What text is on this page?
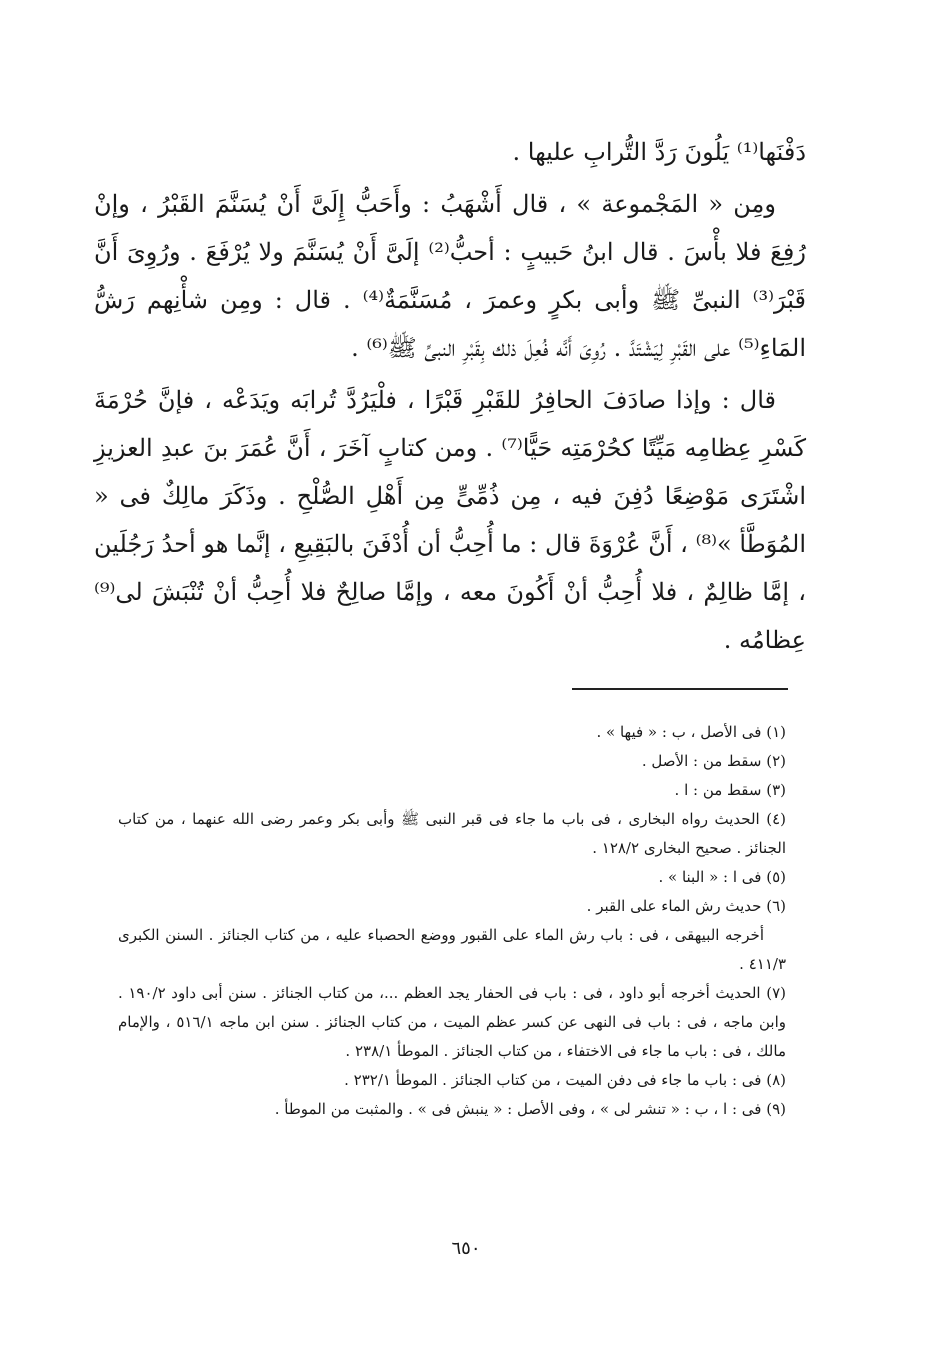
دَفْنَها⁽¹⁾ يَلُونَ رَدَّ التُّرابِ عليها .

ومِن « المَجْموعة » ، قال أَشْهَبُ : وأَحَبُّ إِلَىَّ أَنْ يُسَنَّمَ القَبْرُ ، وإنْ رُفِعَ فلا بأْسَ . قال ابنُ حَبيبٍ : أحبُّ⁽²⁾ إلَىَّ أَنْ يُسَنَّمَ ولا يُرْفَعَ . ورُوِىَ أَنَّ قَبْرَ⁽³⁾ النبىِّ ﷺ وأبى بكرٍ وعمرَ ، مُسَنَّمَةٌ⁽⁴⁾ . قال : ومِن شأْنِهم رَشُّ المَاءِ⁽⁵⁾ على القَبْرِ لِيَشْتَدَّ . رُوِىَ أَنَّه فُعِلَ ذلك بِقَبْرِ النبىِّ ﷺ⁽⁶⁾ .

قال : وإذا صادَفَ الحافِرُ للقَبْرِ قَبْرًا ، فلْيَرُدَّ تُرابَه ويَدَعْه ، فإنَّ حُرْمَةَ كَسْرِ عِظامِه مَيِّتًا كحُرْمَتِه حَيًّا⁽⁷⁾ . ومن كتابٍ آخَرَ ، أَنَّ عُمَرَ بنَ عبدِ العزيزِ اشْتَرَى مَوْضِعًا دُفِنَ فيه ، مِن ذُمِّىٍّ مِن أَهْلِ الصُّلْحِ . وذَكَرَ مالِكٌ فى « المُوَطَّأ »⁽⁸⁾ ، أَنَّ عُرْوَةَ قال : ما أُحِبُّ أن أُدْفَنَ بالبَقِيعِ ، إنَّما هو أحدُ رَجُلَين ، إمَّا ظالِمٌ ، فلا أُحِبُّ أنْ أَكُونَ معه ، وإمَّا صالِحٌ فلا أُحِبُّ أنْ تُنْبَشَ لى⁽⁹⁾ عِظامُه .

(١) فى الأصل ، ب : « فيها » .

(٢) سقط من : الأصل .

(٣) سقط من : ا .

(٤) الحديث رواه البخارى ، فى باب ما جاء فى قبر النبى ﷺ وأبى بكر وعمر رضى الله عنهما ، من كتاب الجنائز . صحيح البخارى ١٢٨/٢ .

(٥) فى ا : « البنا » .

(٦) حديث رش الماء على القبر .

أخرجه البيهقى ، فى : باب رش الماء على القبور ووضع الحصباء عليه ، من كتاب الجنائز . السنن الكبرى ٤١١/٣ .

(٧) الحديث أخرجه أبو داود ، فى : باب فى الحفار يجد العظم ...، من كتاب الجنائز . سنن أبى داود ١٩٠/٢ . وابن ماجه ، فى : باب فى النهى عن كسر عظم الميت ، من كتاب الجنائز . سنن ابن ماجه ٥١٦/١ ، والإمام مالك ، فى : باب ما جاء فى الاختفاء ، من كتاب الجنائز . الموطأ ٢٣٨/١ .

(٨) فى : باب ما جاء فى دفن الميت ، من كتاب الجنائز . الموطأ ٢٣٢/١ .

(٩) فى : ا ، ب : « تنشر لى » ، وفى الأصل : « ينبش فى » . والمثبت من الموطأ .

٦٥٠
